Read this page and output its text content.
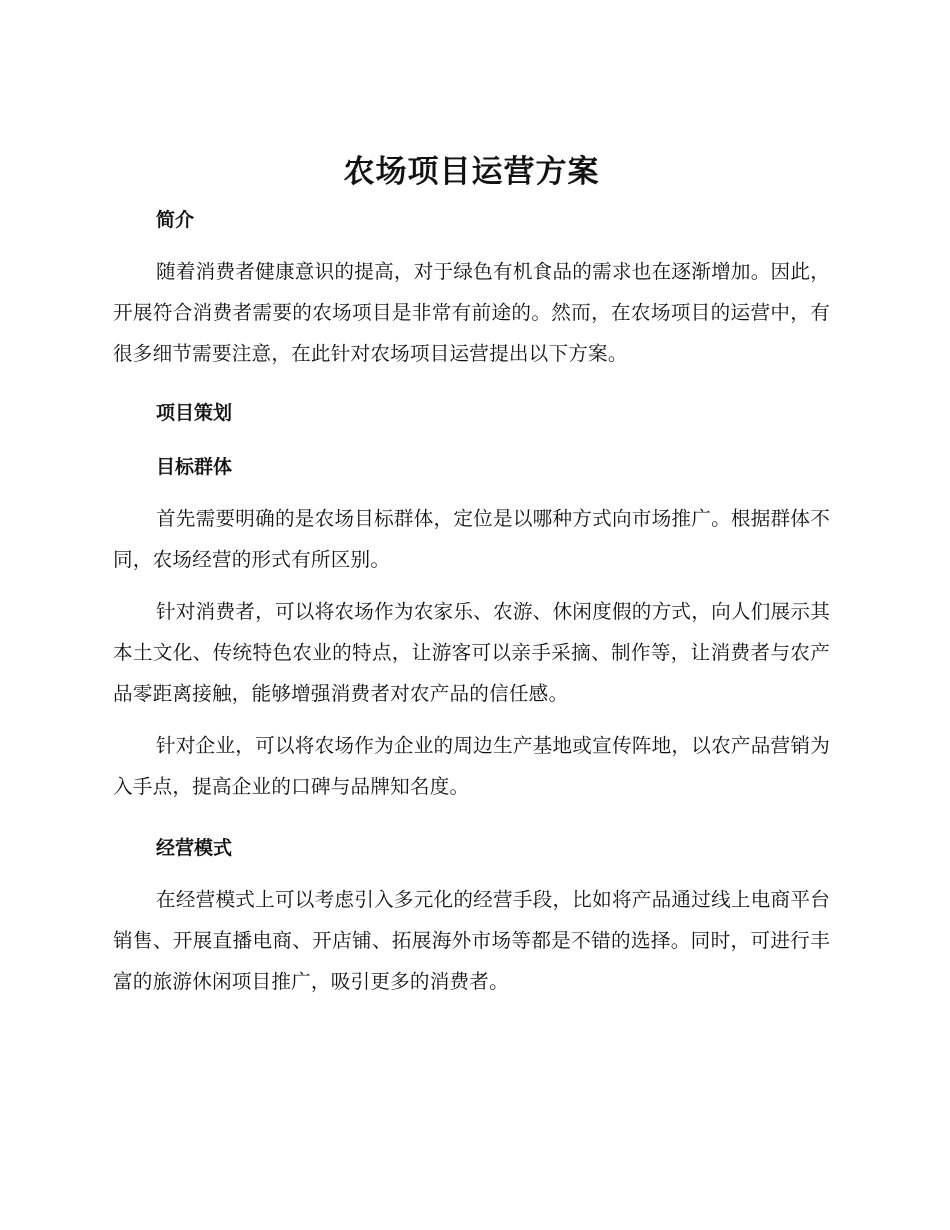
农场项目运营方案
简介

随着消费者健康意识的提高，对于绿色有机食品的需求也在逐渐增加。因此，开展符合消费者需要的农场项目是非常有前途的。然而，在农场项目的运营中，有很多细节需要注意，在此针对农场项目运营提出以下方案。

项目策划
目标群体

首先需要明确的是农场目标群体，定位是以哪种方式向市场推广。根据群体不同，农场经营的形式有所区别。

针对消费者，可以将农场作为农家乐、农游、休闲度假的方式，向人们展示其本土文化、传统特色农业的特点，让游客可以亲手采摘、制作等，让消费者与农产品零距离接触，能够增强消费者对农产品的信任感。

针对企业，可以将农场作为企业的周边生产基地或宣传阵地，以农产品营销为入手点，提高企业的口碑与品牌知名度。

经营模式

在经营模式上可以考虑引入多元化的经营手段，比如将产品通过线上电商平台销售、开展直播电商、开店铺、拓展海外市场等都是不错的选择。同时，可进行丰富的旅游休闲项目推广，吸引更多的消费者。
